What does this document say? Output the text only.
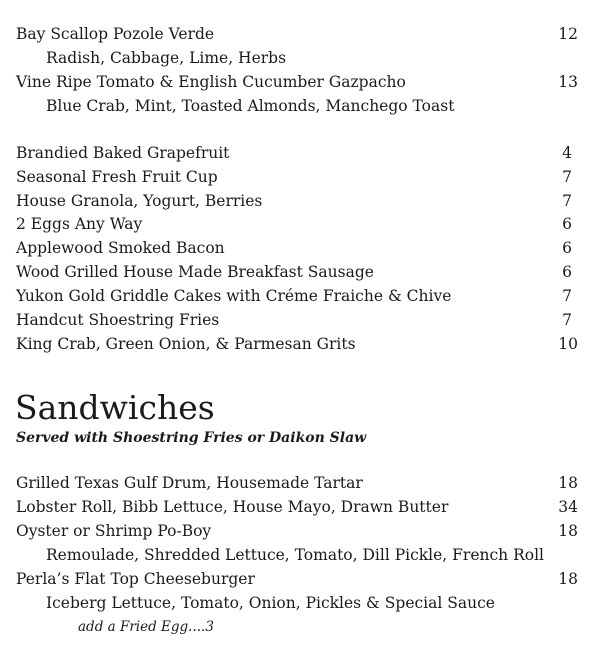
Bay Scallop Pozole Verde	12
Radish, Cabbage, Lime, Herbs
Vine Ripe Tomato & English Cucumber Gazpacho	13
Blue Crab, Mint, Toasted Almonds, Manchego Toast
Brandied Baked Grapefruit	4
Seasonal Fresh Fruit Cup	7
House Granola, Yogurt, Berries	7
2 Eggs Any Way	6
Applewood Smoked Bacon	6
Wood Grilled House Made Breakfast Sausage	6
Yukon Gold Griddle Cakes with Créme Fraiche & Chive	7
Handcut Shoestring Fries	7
King Crab, Green Onion, & Parmesan Grits	10
Sandwiches
Served with Shoestring Fries or Daikon Slaw
Grilled Texas Gulf Drum, Housemade Tartar	18
Lobster Roll, Bibb Lettuce, House Mayo, Drawn Butter	34
Oyster or Shrimp Po-Boy	18
Remoulade, Shredded Lettuce, Tomato, Dill Pickle, French Roll
Perla’s Flat Top Cheeseburger	18
Iceberg Lettuce, Tomato, Onion, Pickles & Special Sauce
add a Fried Egg....3
